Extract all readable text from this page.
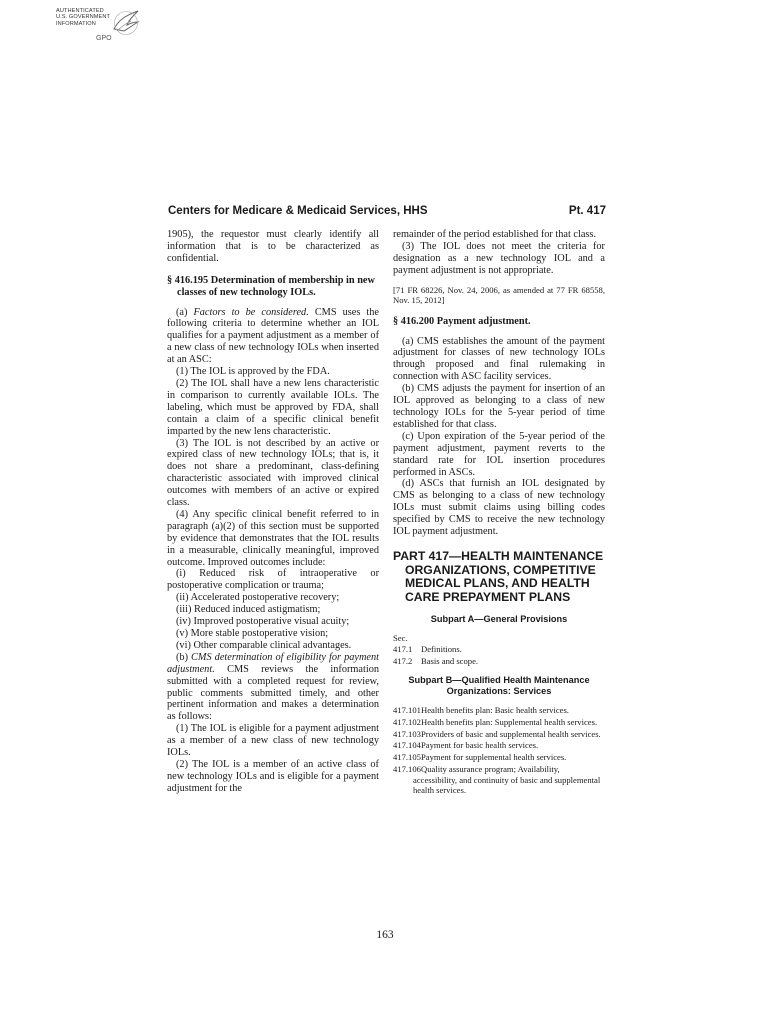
AUTHENTICATED
U.S. GOVERNMENT
INFORMATION
GPO
Centers for Medicare & Medicaid Services, HHS	Pt. 417

1905), the requestor must clearly identify all information that is to be characterized as confidential.

§ 416.195 Determination of membership in new classes of new technology IOLs.

(a) Factors to be considered. CMS uses the following criteria to determine whether an IOL qualifies for a payment adjustment as a member of a new class of new technology IOLs when inserted at an ASC:

(1) The IOL is approved by the FDA.

(2) The IOL shall have a new lens characteristic in comparison to currently available IOLs. The labeling, which must be approved by FDA, shall contain a claim of a specific clinical benefit imparted by the new lens characteristic.

(3) The IOL is not described by an active or expired class of new technology IOLs; that is, it does not share a predominant, class-defining characteristic associated with improved clinical outcomes with members of an active or expired class.

(4) Any specific clinical benefit referred to in paragraph (a)(2) of this section must be supported by evidence that demonstrates that the IOL results in a measurable, clinically meaningful, improved outcome. Improved outcomes include:

(i) Reduced risk of intraoperative or postoperative complication or trauma;

(ii) Accelerated postoperative recovery;

(iii) Reduced induced astigmatism;

(iv) Improved postoperative visual acuity;

(v) More stable postoperative vision;

(vi) Other comparable clinical advantages.

(b) CMS determination of eligibility for payment adjustment. CMS reviews the information submitted with a completed request for review, public comments submitted timely, and other pertinent information and makes a determination as follows:

(1) The IOL is eligible for a payment adjustment as a member of a new class of new technology IOLs.

(2) The IOL is a member of an active class of new technology IOLs and is eligible for a payment adjustment for the

remainder of the period established for that class.

(3) The IOL does not meet the criteria for designation as a new technology IOL and a payment adjustment is not appropriate.

[71 FR 68226, Nov. 24, 2006, as amended at 77 FR 68558, Nov. 15, 2012]

§ 416.200 Payment adjustment.

(a) CMS establishes the amount of the payment adjustment for classes of new technology IOLs through proposed and final rulemaking in connection with ASC facility services.

(b) CMS adjusts the payment for insertion of an IOL approved as belonging to a class of new technology IOLs for the 5-year period of time established for that class.

(c) Upon expiration of the 5-year period of the payment adjustment, payment reverts to the standard rate for IOL insertion procedures performed in ASCs.

(d) ASCs that furnish an IOL designated by CMS as belonging to a class of new technology IOLs must submit claims using billing codes specified by CMS to receive the new technology IOL payment adjustment.

PART 417—HEALTH MAINTENANCE ORGANIZATIONS, COMPETITIVE MEDICAL PLANS, AND HEALTH CARE PREPAYMENT PLANS

Subpart A—General Provisions

Sec.

417.1 Definitions.

417.2 Basis and scope.

Subpart B—Qualified Health Maintenance Organizations: Services

417.101Health benefits plan: Basic health services.

417.102Health benefits plan: Supplemental health services.

417.103Providers of basic and supplemental health services.

417.104Payment for basic health services.

417.105Payment for supplemental health services.

417.106Quality assurance program; Availability, accessibility, and continuity of basic and supplemental health services.

163
